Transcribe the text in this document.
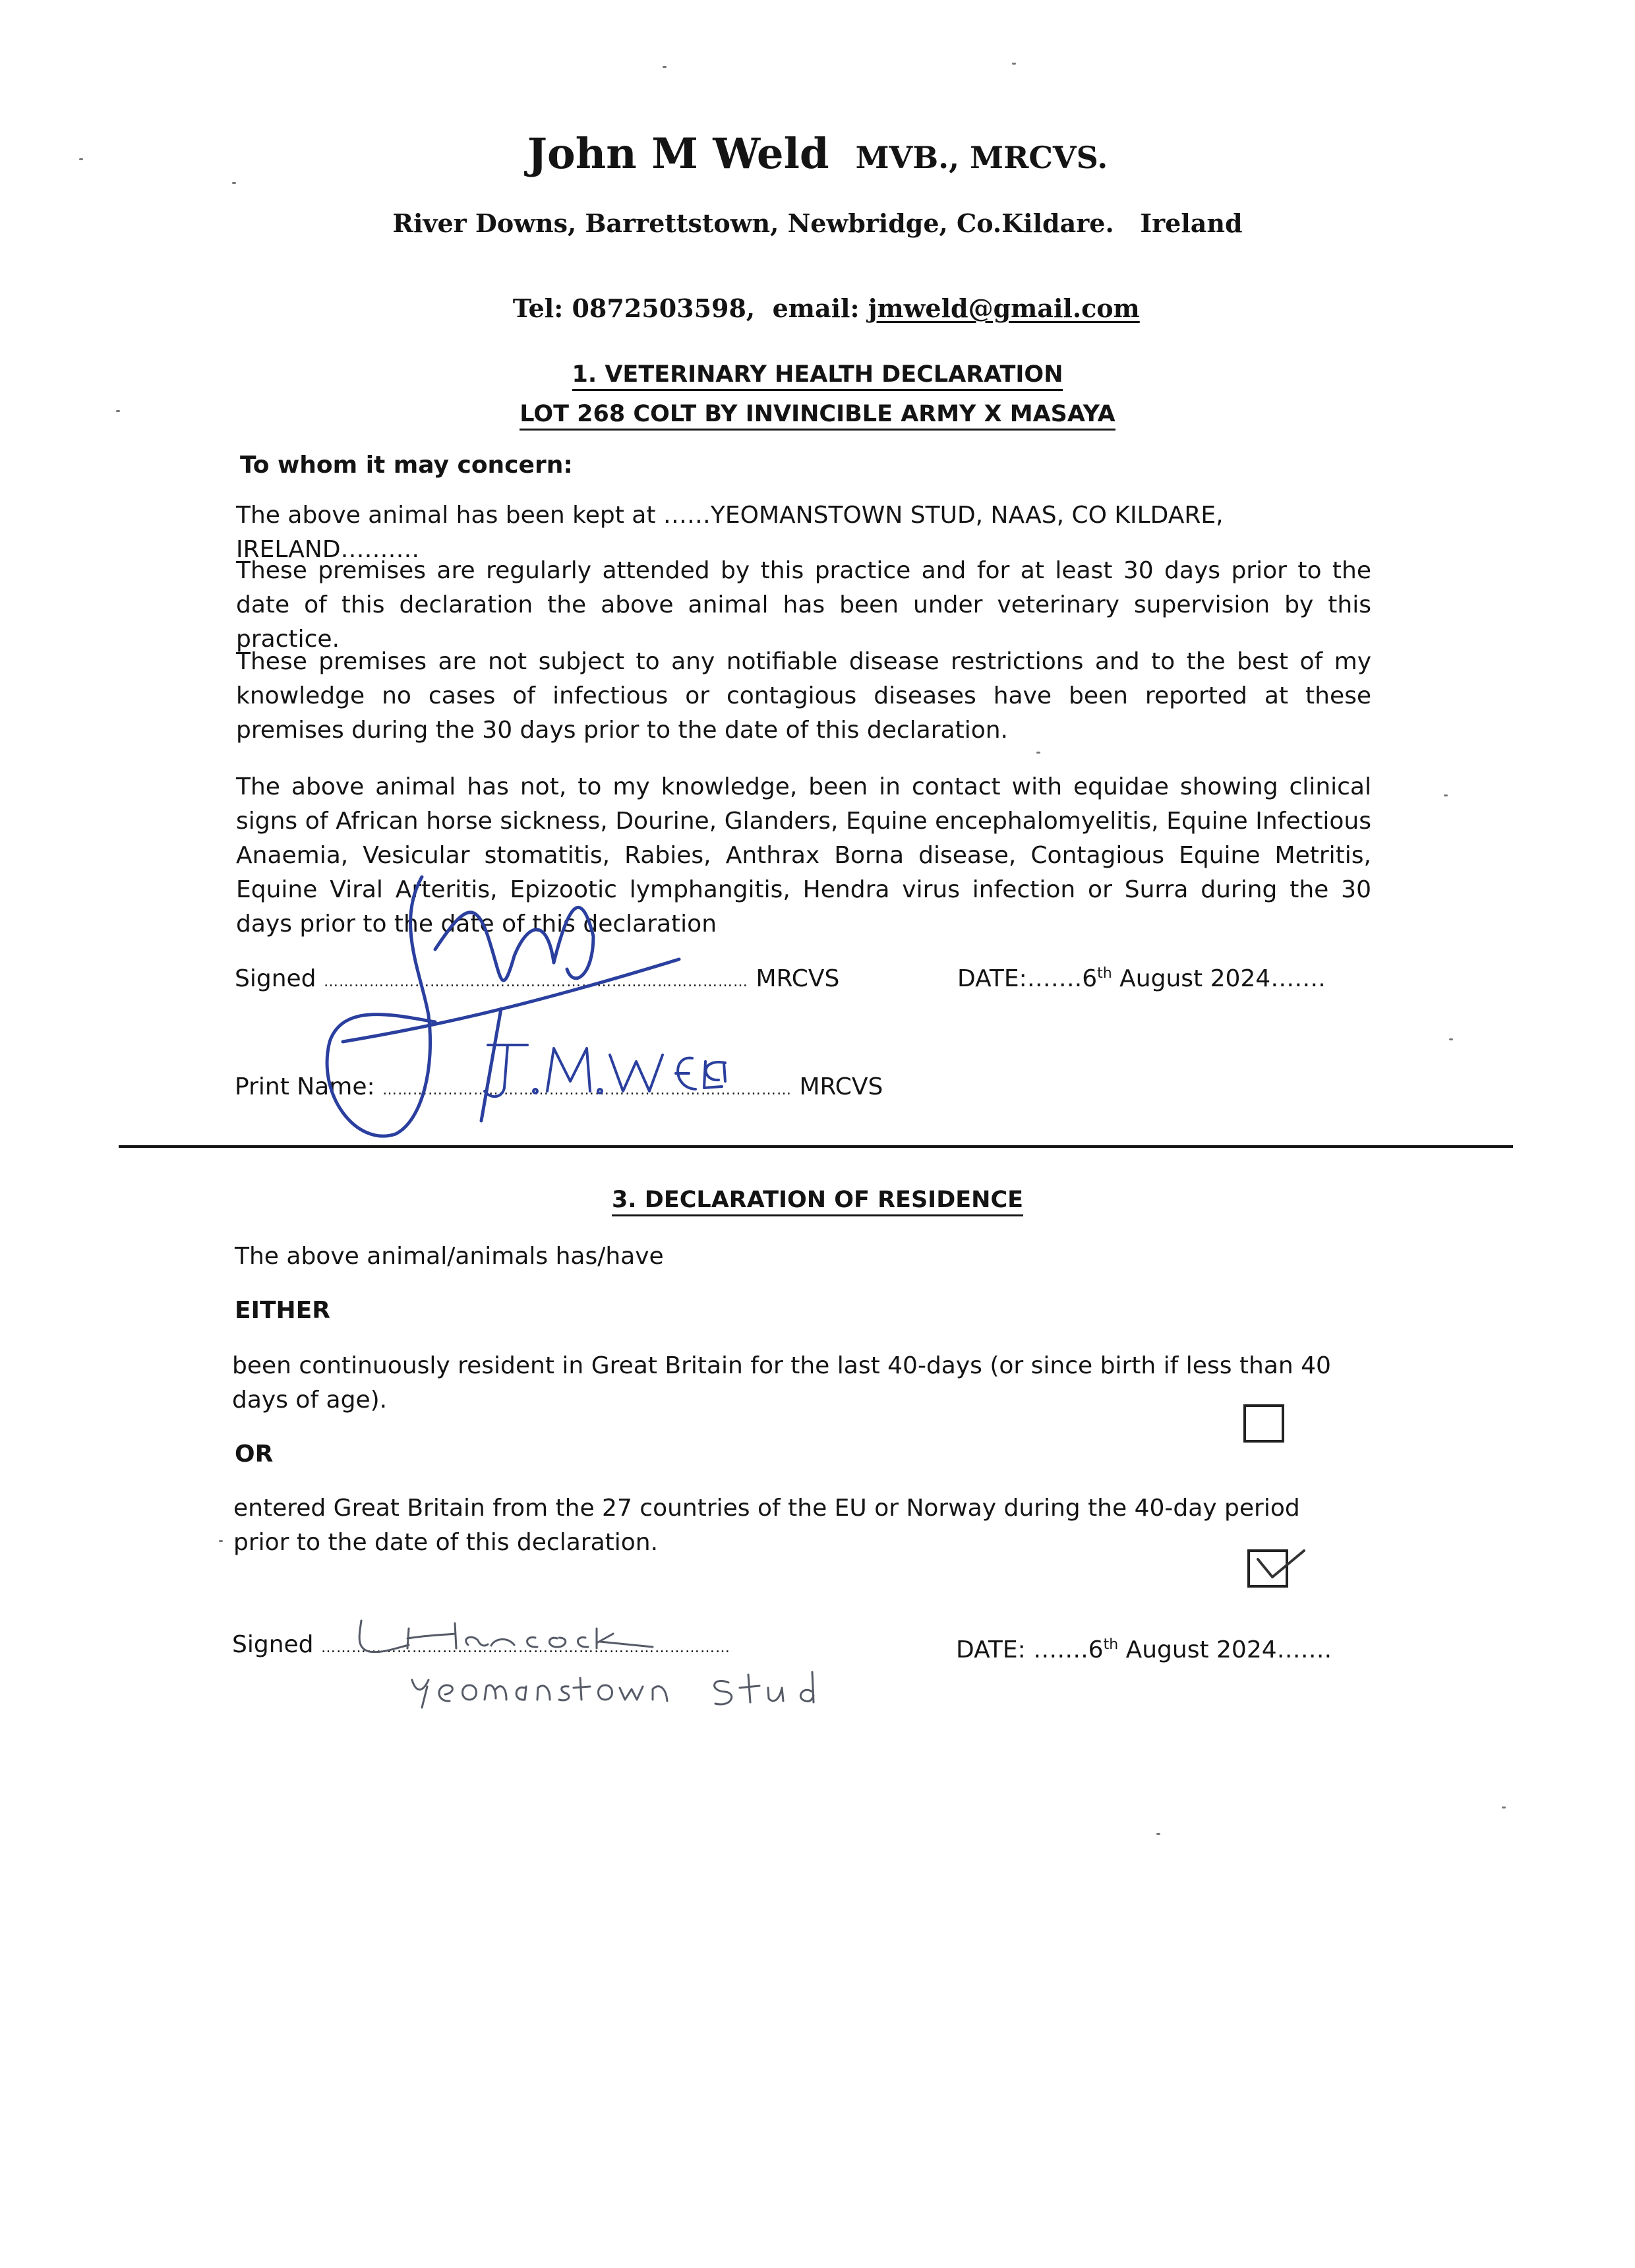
John M Weld MVB., MRCVS.
River Downs, Barrettstown, Newbridge, Co.Kildare.   Ireland

Tel: 0872503598,  email: jmweld@gmail.com

1. VETERINARY HEALTH DECLARATION
LOT 268 COLT BY INVINCIBLE ARMY X MASAYA
To whom it may concern:
The above animal has been kept at ……YEOMANSTOWN STUD, NAAS, CO KILDARE, IRELAND……….
These premises are regularly attended by this practice and for at least 30 days prior to the date of this declaration the above animal has been under veterinary supervision by this practice.
These premises are not subject to any notifiable disease restrictions and to the best of my knowledge no cases of infectious or contagious diseases have been reported at these premises during the 30 days prior to the date of this declaration.
The above animal has not, to my knowledge, been in contact with equidae showing clinical signs of African horse sickness, Dourine, Glanders, Equine encephalomyelitis, Equine Infectious Anaemia, Vesicular stomatitis, Rabies, Anthrax Borna disease, Contagious Equine Metritis, Equine Viral Arteritis, Epizootic lymphangitis, Hendra virus infection or Surra during the 30 days prior to the date of this declaration
Signed ………………………………………………………………………… MRCVS	DATE:…….6th August 2024…….
Print Name: ……………………………………………………………………… MRCVS
3. DECLARATION OF RESIDENCE
The above animal/animals has/have
EITHER
been continuously resident in Great Britain for the last 40-days (or since birth if less than 40 days of age).
OR
entered Great Britain from the 27 countries of the EU or Norway during the 40-day period prior to the date of this declaration.
Signed ………………………………………………………………………	DATE: …….6th August 2024…….
